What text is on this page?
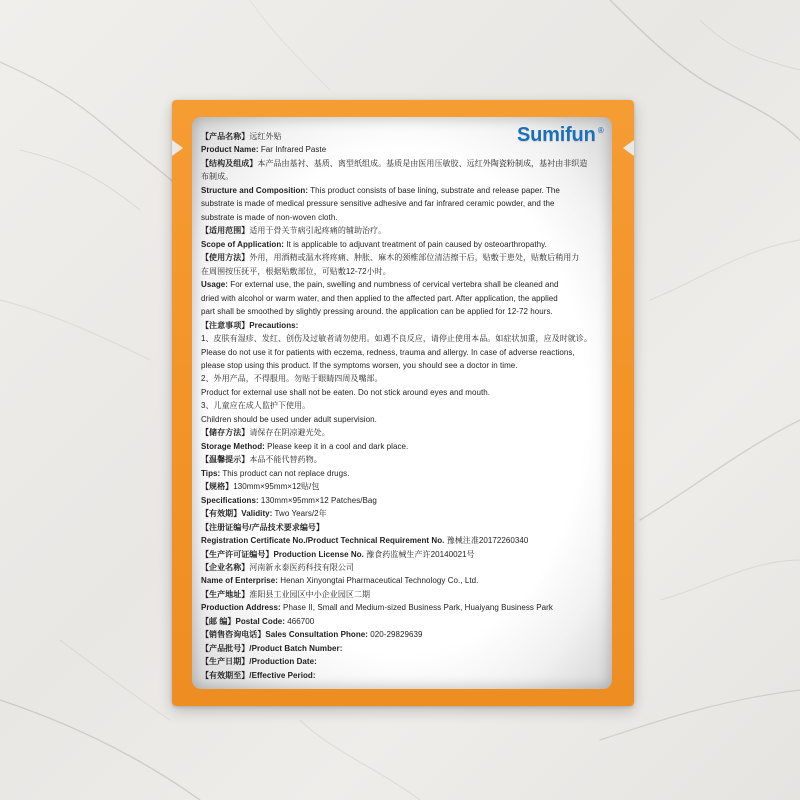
Sumifun ®
【产品名称】远红外贴
Product Name: Far Infrared Paste
【结构及组成】本产品由基衬、基质、离型纸组成。基质是由医用压敏胶、远红外陶瓷粉制成，基衬由非织造
布制成。
Structure and Composition: This product consists of base lining, substrate and release paper. The
substrate is made of medical pressure sensitive adhesive and far infrared ceramic powder, and the
substrate is made of non-woven cloth.
【适用范围】适用于骨关节病引起疼痛的辅助治疗。
Scope of Application: It is applicable to adjuvant treatment of pain caused by osteoarthropathy.
【使用方法】外用，用酒精或温水将疼痛、肿胀、麻木的颈椎部位清洁擦干后，贴敷于患处，贴敷后稍用力
在周围按压抚平，根据贴敷部位，可贴敷12-72小时。
Usage: For external use, the pain, swelling and numbness of cervical vertebra shall be cleaned and
dried with alcohol or warm water, and then applied to the affected part. After application, the applied
part shall be smoothed by slightly pressing around. the application can be applied for 12-72 hours.
【注意事项】Precautions:
1、皮肤有湿疹、发红、创伤及过敏者请勿使用。如遇不良反应，请停止使用本品。如症状加重，应及时就诊。
Please do not use it for patients with eczema, redness, trauma and allergy. In case of adverse reactions,
please stop using this product. If the symptoms worsen, you should see a doctor in time.
2、外用产品，不得服用。勿贴于眼睛四周及嘴部。
Product for external use shall not be eaten. Do not stick around eyes and mouth.
3、儿童应在成人监护下使用。
Children should be used under adult supervision.
【储存方法】请保存在阴凉避光处。
Storage Method: Please keep it in a cool and dark place.
【温馨提示】本品不能代替药物。
Tips: This product can not replace drugs.
【规格】130mm×95mm×12贴/包
Specifications: 130mm×95mm×12 Patches/Bag
【有效期】Validity: Two Years/2年
【注册证编号/产品技术要求编号】
Registration Certificate No./Product Technical Requirement No. 豫械注准20172260340
【生产许可证编号】Production License No. 豫食药监械生产许20140021号
【企业名称】河南新永泰医药科技有限公司
Name of Enterprise: Henan Xinyongtai Pharmaceutical Technology Co., Ltd.
【生产地址】淮阳县工业园区中小企业园区二期
Production Address: Phase II, Small and Medium-sized Business Park, Huaiyang Business Park
【邮 编】Postal Code: 466700
【销售咨询电话】Sales Consultation Phone: 020-29829639
【产品批号】/Product Batch Number:
【生产日期】/Production Date:
【有效期至】/Effective Period:
